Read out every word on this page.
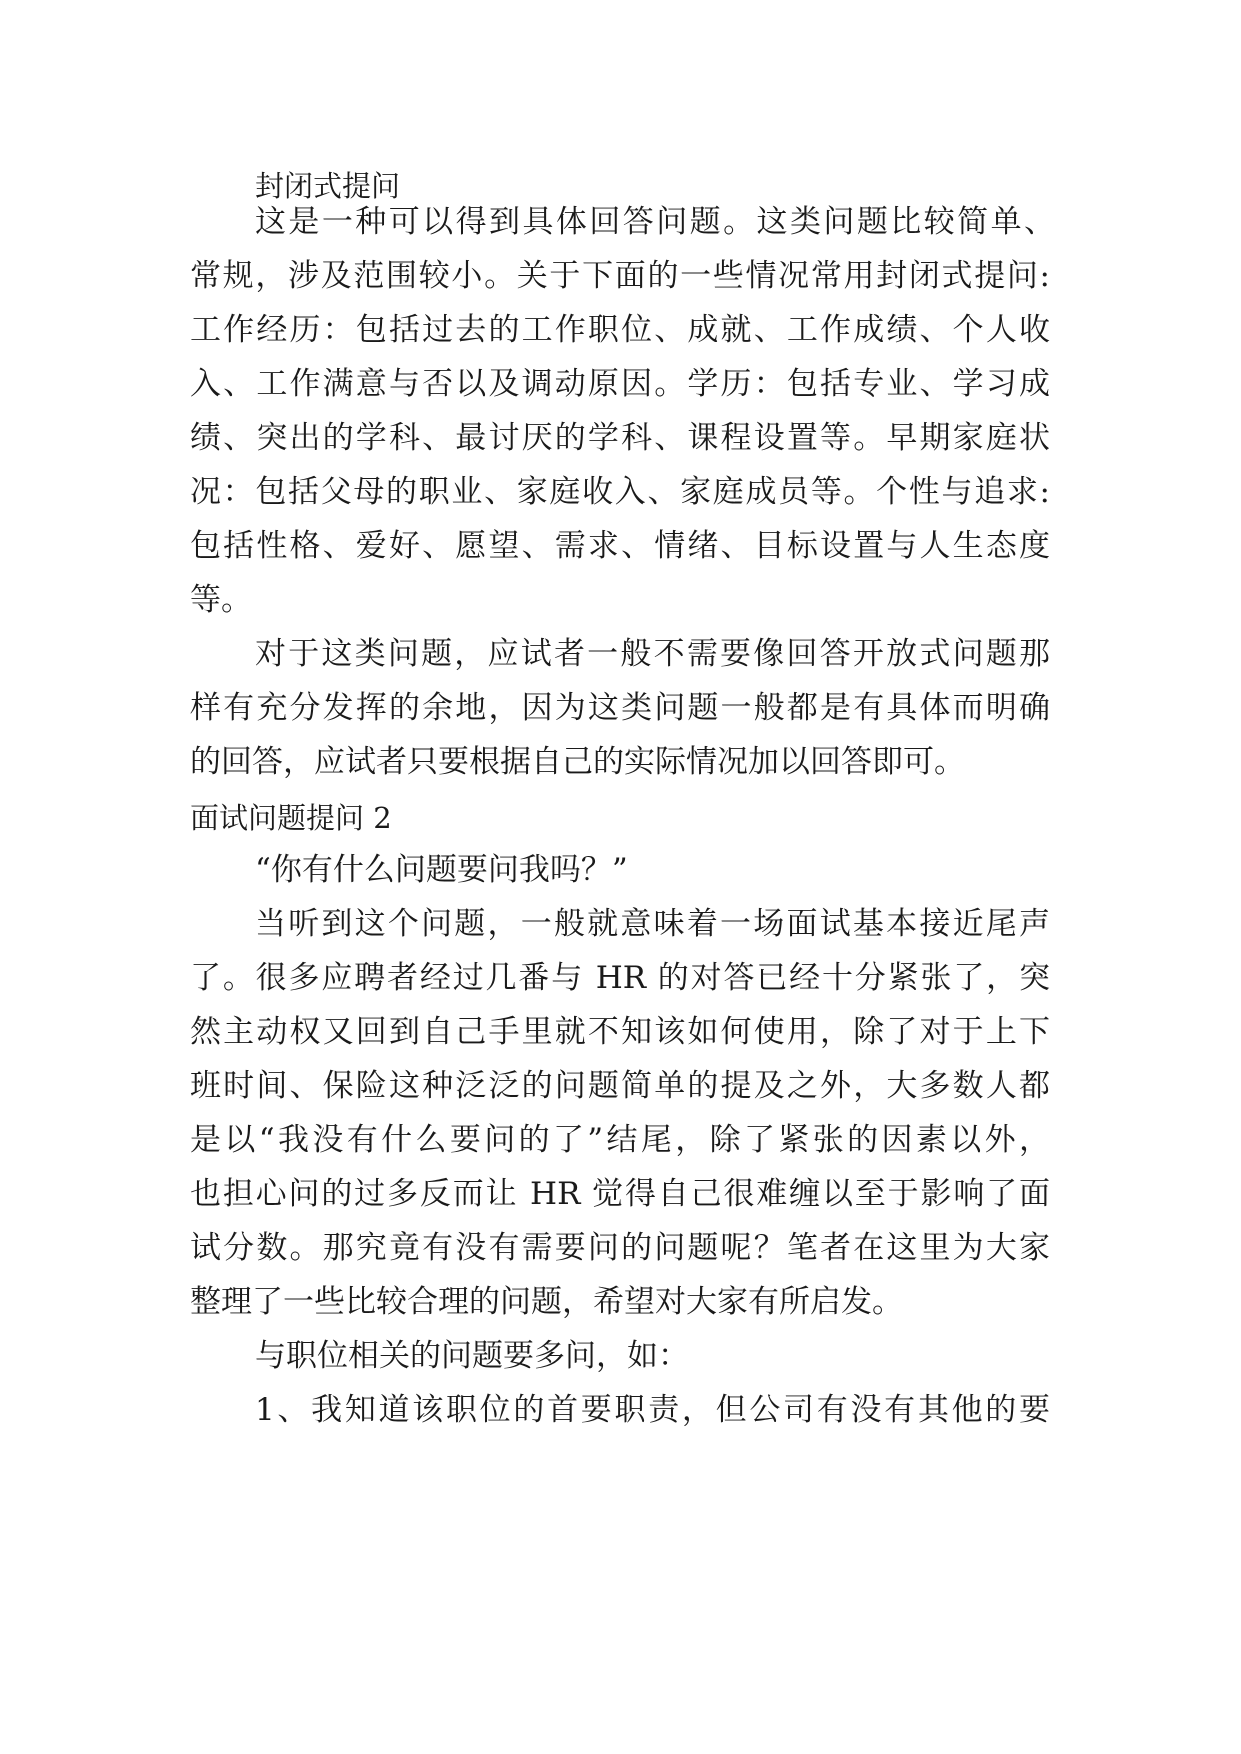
封闭式提问
这是一种可以得到具体回答问题。这类问题比较简单、
常规，涉及范围较小。关于下面的一些情况常用封闭式提问:
工作经历：包括过去的工作职位、成就、工作成绩、个人收
入、工作满意与否以及调动原因。学历：包括专业、学习成
绩、突出的学科、最讨厌的学科、课程设置等。早期家庭状
况：包括父母的职业、家庭收入、家庭成员等。个性与追求:
包括性格、爱好、愿望、需求、情绪、目标设置与人生态度
等。
对于这类问题，应试者一般不需要像回答开放式问题那
样有充分发挥的余地，因为这类问题一般都是有具体而明确
的回答，应试者只要根据自己的实际情况加以回答即可。
面试问题提问 2
“你有什么问题要问我吗？”
当听到这个问题，一般就意味着一场面试基本接近尾声
了。很多应聘者经过几番与 HR 的对答已经十分紧张了，突
然主动权又回到自己手里就不知该如何使用，除了对于上下
班时间、保险这种泛泛的问题简单的提及之外，大多数人都
是以“我没有什么要问的了”结尾，除了紧张的因素以外，
也担心问的过多反而让 HR 觉得自己很难缠以至于影响了面
试分数。那究竟有没有需要问的问题呢？笔者在这里为大家
整理了一些比较合理的问题，希望对大家有所启发。
与职位相关的问题要多问，如：
1、我知道该职位的首要职责，但公司有没有其他的要
